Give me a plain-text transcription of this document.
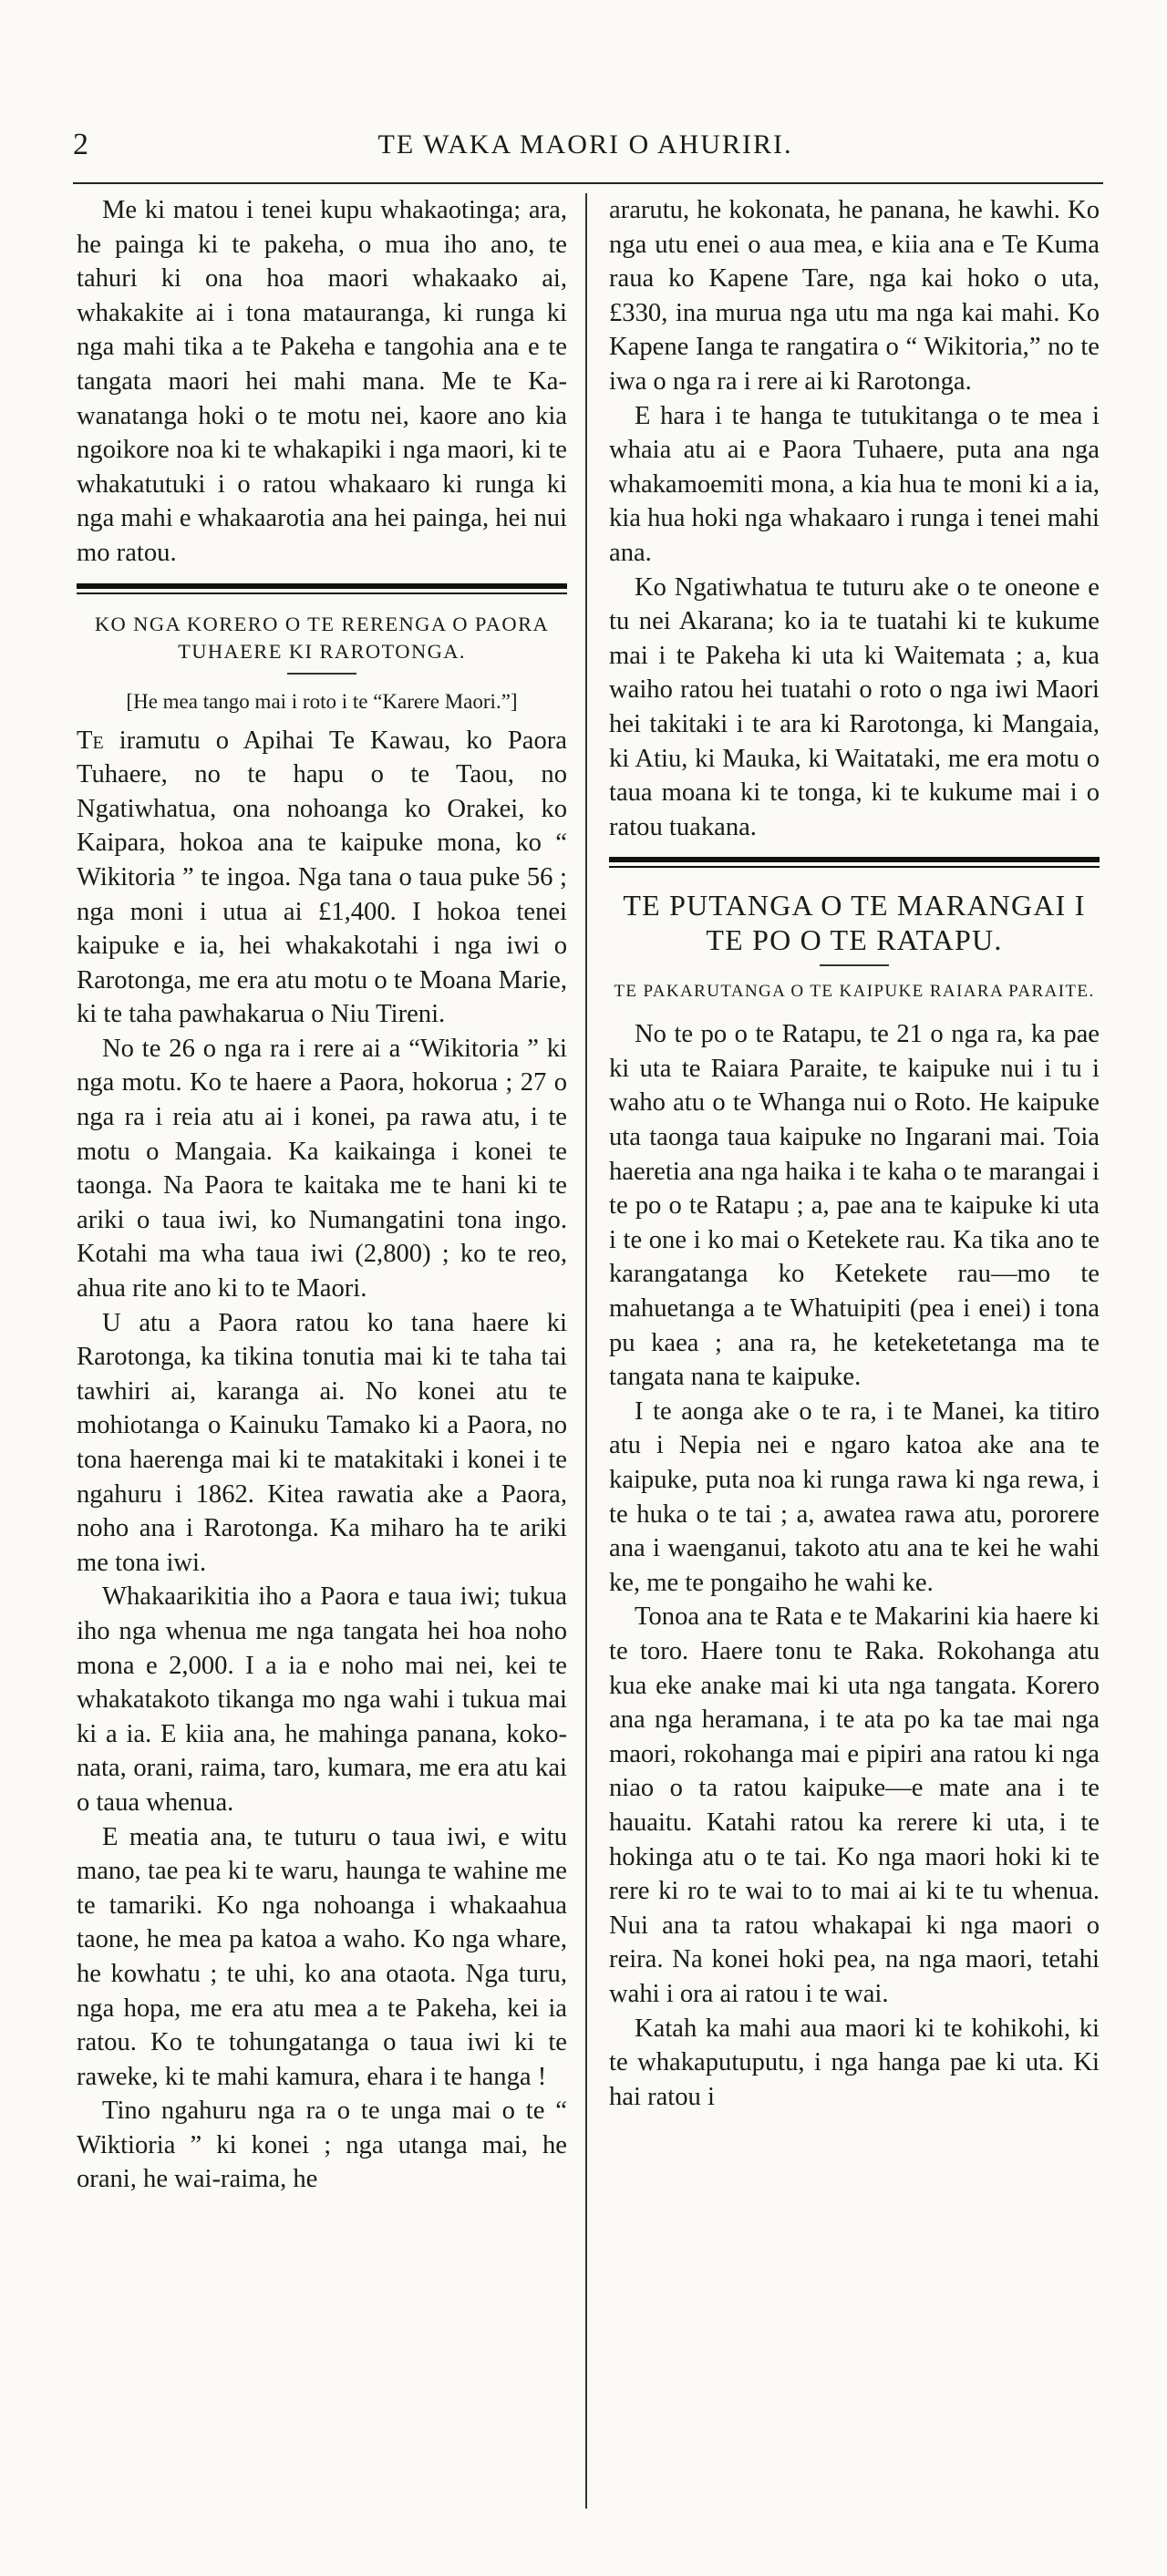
2	TE WAKA MAORI O AHURIRI.

Me ki matou i tenei kupu whakaotinga; ara, he painga ki te pakeha, o mua iho ano, te tahuri ki ona hoa maori whakaako ai, whakakite ai i tona matauranga, ki runga ki nga mahi tika a te Pakeha e tangohia ana e te tangata maori hei mahi mana. Me te Kawanatanga hoki o te motu nei, kaore ano kia ngoikore noa ki te whakapiki i nga maori, ki te whakatutuki i o ratou whakaaro ki runga ki nga mahi e whakaarotia ana hei painga, hei nui mo ratou.

KO NGA KORERO O TE RERENGA O PAORA TUHAERE KI RAROTONGA.
[He mea tango mai i roto i te “Karere Maori.”]

Te iramutu o Apihai Te Kawau, ko Paora Tuhaere, no te hapu o te Taou, no Ngatiwhatua, ona nohoanga ko Orakei, ko Kaipara, hokoa ana te kaipuke mona, ko “ Wikitoria ” te ingoa. Nga tana o taua puke 56 ; nga moni i utua ai £1,400. I hokoa tenei kaipuke e ia, hei whakakotahi i nga iwi o Rarotonga, me era atu motu o te Moana Marie, ki te taha pawhakarua o Niu Tireni.

No te 26 o nga ra i rere ai a “Wikitoria ” ki nga motu. Ko te haere a Paora, hokorua ; 27 o nga ra i reia atu ai i konei, pa rawa atu, i te motu o Mangaia. Ka kaikainga i konei te taonga. Na Paora te kaitaka me te hani ki te ariki o taua iwi, ko Numangatini tona ingo. Kotahi ma wha taua iwi (2,800) ; ko te reo, ahua rite ano ki to te Maori.

U atu a Paora ratou ko tana haere ki Rarotonga, ka tikina tonutia mai ki te taha tai tawhiri ai, karanga ai. No konei atu te mohiotanga o Kainuku Tamako ki a Paora, no tona haerenga mai ki te matakitaki i konei i te ngahuru i 1862. Kitea rawatia ake a Paora, noho ana i Rarotonga. Ka miharo ha te ariki me tona iwi.

Whakaarikitia iho a Paora e taua iwi; tukua iho nga whenua me nga tangata hei hoa noho mona e 2,000. I a ia e noho mai nei, kei te whakatakoto tikanga mo nga wahi i tukua mai ki a ia. E kiia ana, he mahinga panana, kokonata, orani, raima, taro, kumara, me era atu kai o taua whenua.

E meatia ana, te tuturu o taua iwi, e witu mano, tae pea ki te waru, haunga te wahine me te tamariki. Ko nga nohoanga i whakaahua taone, he mea pa katoa a waho. Ko nga whare, he kowhatu ; te uhi, ko ana otaota. Nga turu, nga hopa, me era atu mea a te Pakeha, kei ia ratou. Ko te tohungatanga o taua iwi ki te raweke, ki te mahi kamura, ehara i te hanga !

Tino ngahuru nga ra o te unga mai o te “ Wiktioria ” ki konei ; nga utanga mai, he orani, he wai-raima, he

ararutu, he kokonata, he panana, he kawhi. Ko nga utu enei o aua mea, e kiia ana e Te Kuma raua ko Kapene Tare, nga kai hoko o uta, £330, ina murua nga utu ma nga kai mahi. Ko Kapene Ianga te rangatira o “ Wikitoria,” no te iwa o nga ra i rere ai ki Rarotonga.

E hara i te hanga te tutukitanga o te mea i whaia atu ai e Paora Tuhaere, puta ana nga whakamoemiti mona, a kia hua te moni ki a ia, kia hua hoki nga whakaaro i runga i tenei mahi ana.

Ko Ngatiwhatua te tuturu ake o te oneone e tu nei Akarana; ko ia te tuatahi ki te kukume mai i te Pakeha ki uta ki Waitemata ; a, kua waiho ratou hei tuatahi o roto o nga iwi Maori hei takitaki i te ara ki Rarotonga, ki Mangaia, ki Atiu, ki Mauka, ki Waitataki, me era motu o taua moana ki te tonga, ki te kukume mai i o ratou tuakana.

TE PUTANGA O TE MARANGAI I TE PO O TE RATAPU.
TE PAKARUTANGA O TE KAIPUKE RAIARA PARAITE.

No te po o te Ratapu, te 21 o nga ra, ka pae ki uta te Raiara Paraite, te kaipuke nui i tu i waho atu o te Whanga nui o Roto. He kaipuke uta taonga taua kaipuke no Ingarani mai. Toia haeretia ana nga haika i te kaha o te marangai i te po o te Ratapu ; a, pae ana te kaipuke ki uta i te one i ko mai o Ketekete rau. Ka tika ano te karangatanga ko Ketekete rau—mo te mahuetanga a te Whatuipiti (pea i enei) i tona pu kaea ; ana ra, he keteketetanga ma te tangata nana te kaipuke.

I te aonga ake o te ra, i te Manei, ka titiro atu i Nepia nei e ngaro katoa ake ana te kaipuke, puta noa ki runga rawa ki nga rewa, i te huka o te tai ; a, awatea rawa atu, pororere ana i waenganui, takoto atu ana te kei he wahi ke, me te pongaiho he wahi ke.

Tonoa ana te Rata e te Makarini kia haere ki te toro. Haere tonu te Raka. Rokohanga atu kua eke anake mai ki uta nga tangata. Korero ana nga heramana, i te ata po ka tae mai nga maori, rokohanga mai e pipiri ana ratou ki nga niao o ta ratou kaipuke—e mate ana i te hauaitu. Katahi ratou ka rerere ki uta, i te hokinga atu o te tai. Ko nga maori hoki ki te rere ki ro te wai to to mai ai ki te tu whenua. Nui ana ta ratou whakapai ki nga maori o reira. Na konei hoki pea, na nga maori, tetahi wahi i ora ai ratou i te wai.

Katah ka mahi aua maori ki te kohikohi, ki te whakaputuputu, i nga hanga pae ki uta. Ki hai ratou i
